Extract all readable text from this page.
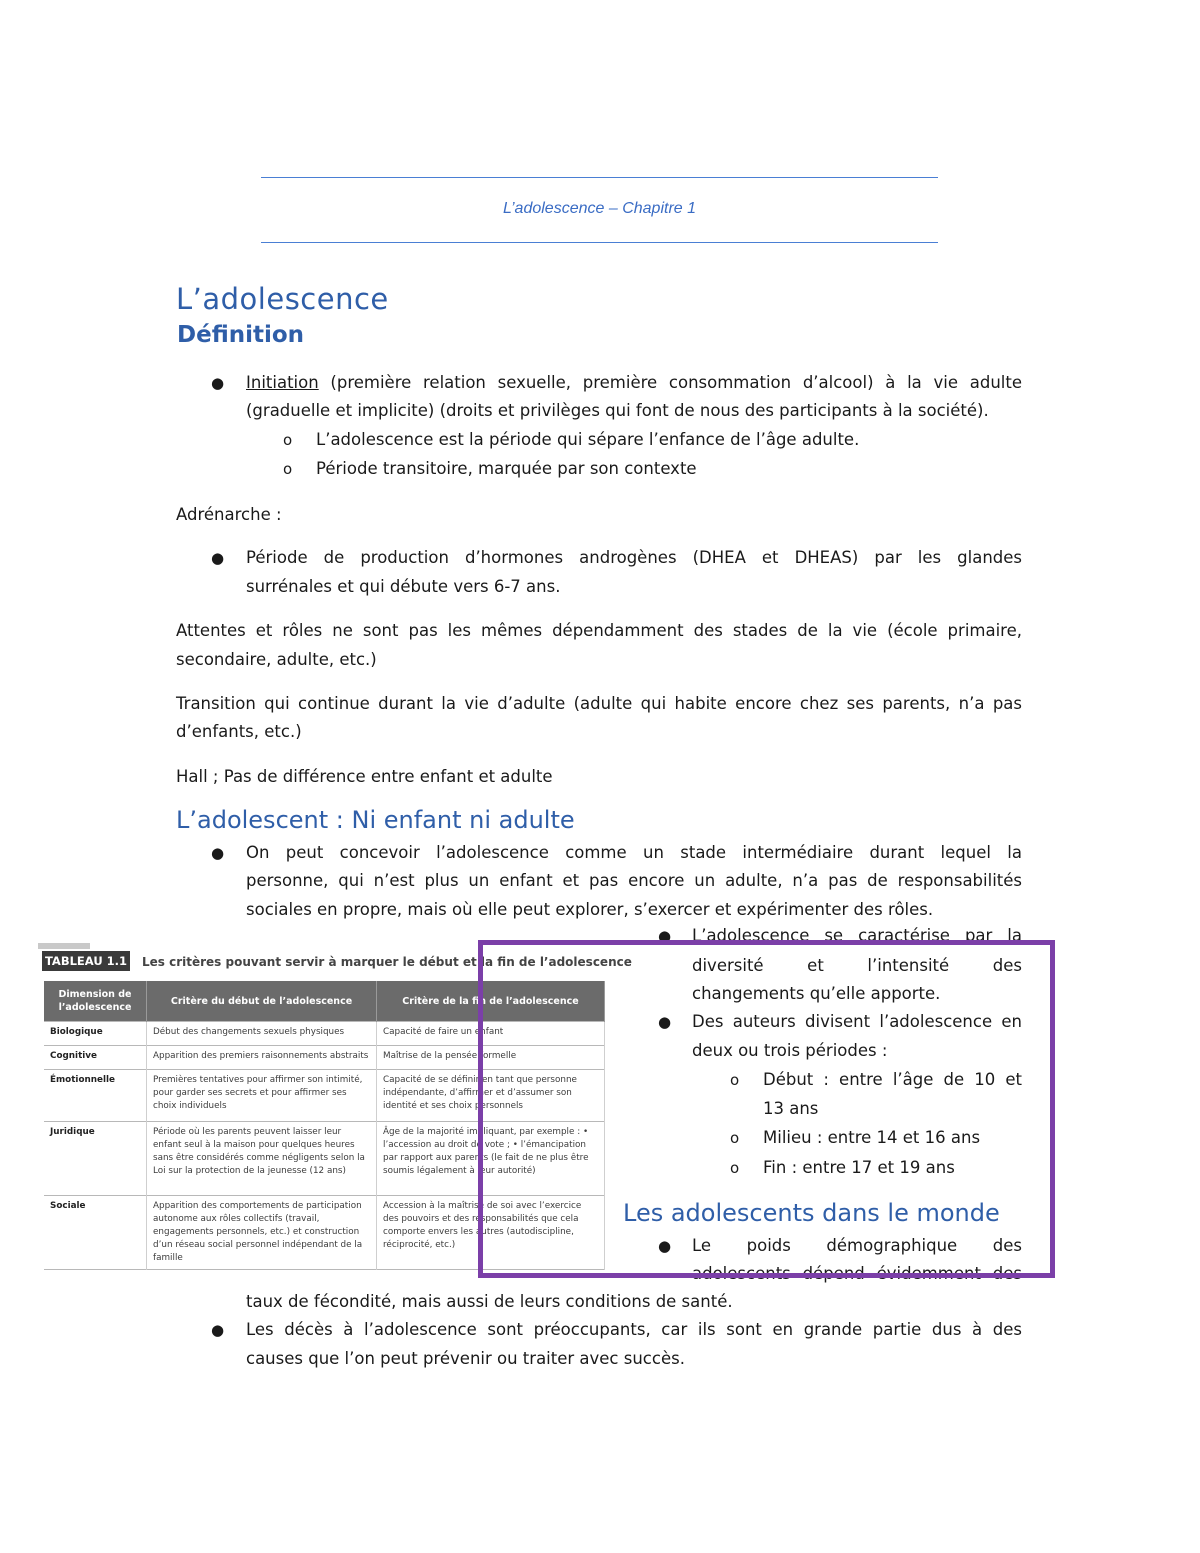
L’adolescence – Chapitre 1
L’adolescence
Définition
● Initiation (première relation sexuelle, première consommation d’alcool) à la vie adulte
(graduelle et implicite) (droits et privilèges qui font de nous des participants à la société).
o L’adolescence est la période qui sépare l’enfance de l’âge adulte.
o Période transitoire, marquée par son contexte
Adrénarche :
● Période de production d’hormones androgènes (DHEA et DHEAS) par les glandes
surrénales et qui débute vers 6-7 ans.
Attentes et rôles ne sont pas les mêmes dépendamment des stades de la vie (école primaire,
secondaire, adulte, etc.)
Transition qui continue durant la vie d’adulte (adulte qui habite encore chez ses parents, n’a pas
d’enfants, etc.)
Hall ; Pas de différence entre enfant et adulte
L’adolescent : Ni enfant ni adulte
● On peut concevoir l’adolescence comme un stade intermédiaire durant lequel la
personne, qui n’est plus un enfant et pas encore un adulte, n’a pas de responsabilités
sociales en propre, mais où elle peut explorer, s’exercer et expérimenter des rôles.
● L’adolescence se caractérise par la
diversité et l’intensité des
changements qu’elle apporte.
● Des auteurs divisent l’adolescence en
deux ou trois périodes :
o Début : entre l’âge de 10 et
13 ans
o Milieu : entre 14 et 16 ans
o Fin : entre 17 et 19 ans
Les adolescents dans le monde
● Le poids démographique des
adolescents dépend évidemment des
taux de fécondité, mais aussi de leurs conditions de santé.
● Les décès à l’adolescence sont préoccupants, car ils sont en grande partie dus à des
causes que l’on peut prévenir ou traiter avec succès.
TABLEAU 1.1 Les critères pouvant servir à marquer le début et la fin de l’adolescence
Dimension de l’adolescence	Critère du début de l’adolescence	Critère de la fin de l’adolescence
Biologique	Début des changements sexuels physiques	Capacité de faire un enfant
Cognitive	Apparition des premiers raisonnements abstraits	Maîtrise de la pensée formelle
Émotionnelle	Premières tentatives pour affirmer son intimité, pour garder ses secrets et pour affirmer ses choix individuels	Capacité de se définir en tant que personne indépendante, d’affirmer et d’assumer son identité et ses choix personnels
Juridique	Période où les parents peuvent laisser leur enfant seul à la maison pour quelques heures sans être considérés comme négligents selon la Loi sur la protection de la jeunesse (12 ans)	Âge de la majorité impliquant, par exemple : • l’accession au droit de vote ; • l’émancipation par rapport aux parents (le fait de ne plus être soumis légalement à leur autorité)
Sociale	Apparition des comportements de participation autonome aux rôles collectifs (travail, engagements personnels, etc.) et construction d’un réseau social personnel indépendant de la famille	Accession à la maîtrise de soi avec l’exercice des pouvoirs et des responsabilités que cela comporte envers les autres (autodiscipline, réciprocité, etc.)
